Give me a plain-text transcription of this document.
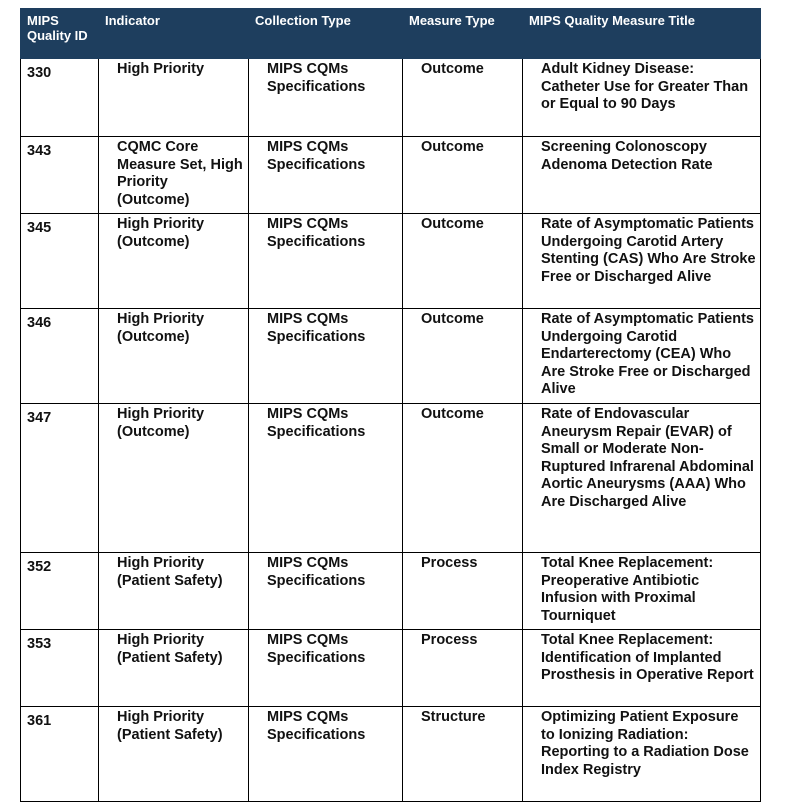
MIPS Quality ID	Indicator	Collection Type	Measure Type	MIPS Quality Measure Title
330	High Priority	MIPS CQMs Specifications	Outcome	Adult Kidney Disease: Catheter Use for Greater Than or Equal to 90 Days
343	CQMC Core Measure Set, High Priority (Outcome)	MIPS CQMs Specifications	Outcome	Screening Colonoscopy Adenoma Detection Rate
345	High Priority (Outcome)	MIPS CQMs Specifications	Outcome	Rate of Asymptomatic Patients Undergoing Carotid Artery Stenting (CAS) Who Are Stroke Free or Discharged Alive
346	High Priority (Outcome)	MIPS CQMs Specifications	Outcome	Rate of Asymptomatic Patients Undergoing Carotid Endarterectomy (CEA) Who Are Stroke Free or Discharged Alive
347	High Priority (Outcome)	MIPS CQMs Specifications	Outcome	Rate of Endovascular Aneurysm Repair (EVAR) of Small or Moderate Non-Ruptured Infrarenal Abdominal Aortic Aneurysms (AAA) Who Are Discharged Alive
352	High Priority (Patient Safety)	MIPS CQMs Specifications	Process	Total Knee Replacement: Preoperative Antibiotic Infusion with Proximal Tourniquet
353	High Priority (Patient Safety)	MIPS CQMs Specifications	Process	Total Knee Replacement: Identification of Implanted Prosthesis in Operative Report
361	High Priority (Patient Safety)	MIPS CQMs Specifications	Structure	Optimizing Patient Exposure to Ionizing Radiation: Reporting to a Radiation Dose Index Registry
